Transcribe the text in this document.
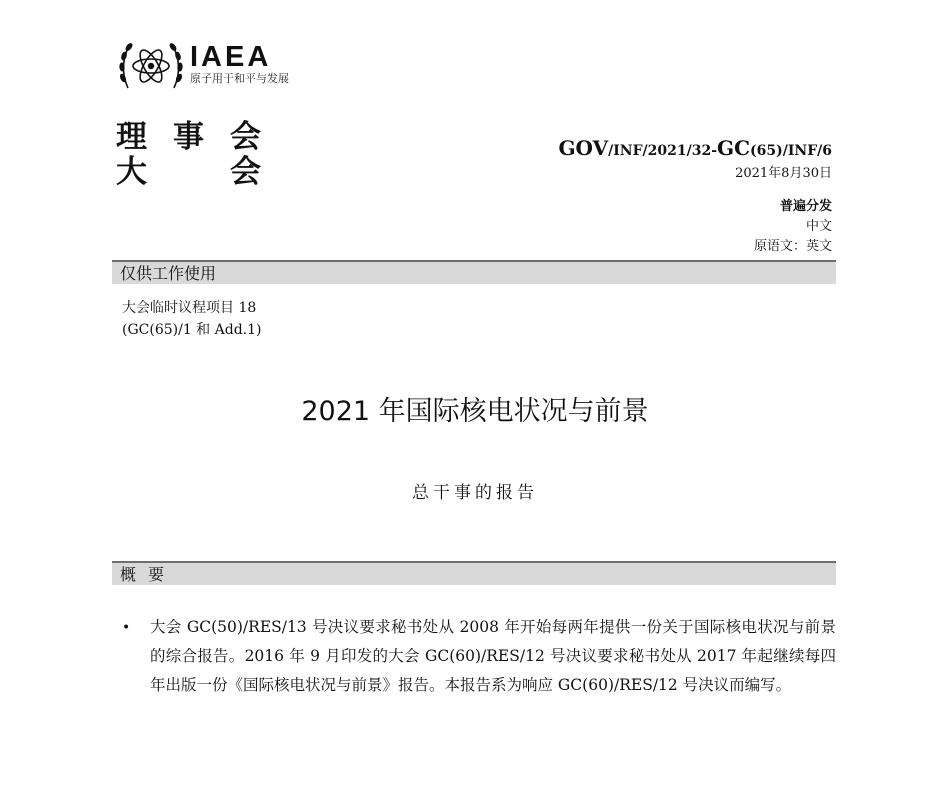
IAEA
原子用于和平与发展
理 事 会
大	会
GOV/INF/2021/32-GC(65)/INF/6
2021年8月30日
普遍分发
中文
原语文：英文
仅供工作使用
大会临时议程项目 18
(GC(65)/1 和 Add.1)
2021 年国际核电状况与前景
总干事的报告
概要
• 大会 GC(50)/RES/13 号决议要求秘书处从 2008 年开始每两年提供一份关于国际核电状况与前景的综合报告。2016 年 9 月印发的大会 GC(60)/RES/12 号决议要求秘书处从 2017 年起继续每四年出版一份《国际核电状况与前景》报告。本报告系为响应 GC(60)/RES/12 号决议而编写。
